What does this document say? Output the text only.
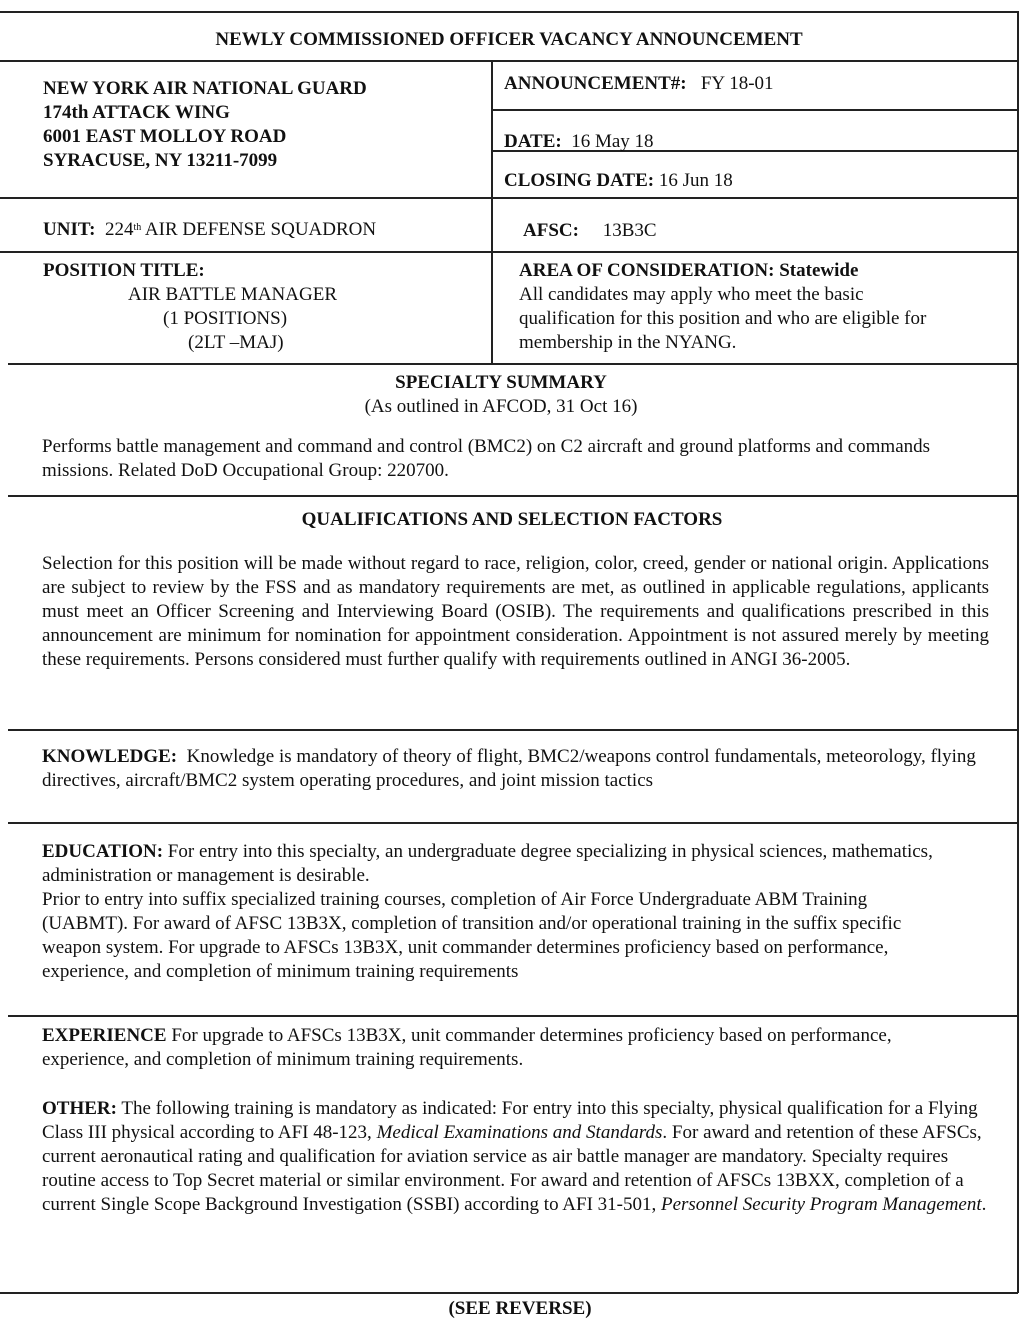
NEWLY COMMISSIONED OFFICER VACANCY ANNOUNCEMENT
NEW YORK AIR NATIONAL GUARD
174th ATTACK WING
6001 EAST MOLLOY ROAD
SYRACUSE, NY 13211-7099
ANNOUNCEMENT#: FY 18-01
DATE: 16 May 18
CLOSING DATE: 16 Jun 18
UNIT: 224th AIR DEFENSE SQUADRON	AFSC: 13B3C
POSITION TITLE:
AIR BATTLE MANAGER
(1 POSITIONS)
(2LT –MAJ)
AREA OF CONSIDERATION: Statewide
All candidates may apply who meet the basic
qualification for this position and who are eligible for
membership in the NYANG.
SPECIALTY SUMMARY
(As outlined in AFCOD, 31 Oct 16)

Performs battle management and command and control (BMC2) on C2 aircraft and ground platforms and commands missions. Related DoD Occupational Group: 220700.

QUALIFICATIONS AND SELECTION FACTORS

Selection for this position will be made without regard to race, religion, color, creed, gender or national origin. Applications are subject to review by the FSS and as mandatory requirements are met, as outlined in applicable regulations, applicants must meet an Officer Screening and Interviewing Board (OSIB). The requirements and qualifications prescribed in this announcement are minimum for nomination for appointment consideration. Appointment is not assured merely by meeting these requirements. Persons considered must further qualify with requirements outlined in ANGI 36-2005.

KNOWLEDGE: Knowledge is mandatory of theory of flight, BMC2/weapons control fundamentals, meteorology, flying directives, aircraft/BMC2 system operating procedures, and joint mission tactics

EDUCATION: For entry into this specialty, an undergraduate degree specializing in physical sciences, mathematics, administration or management is desirable.

Prior to entry into suffix specialized training courses, completion of Air Force Undergraduate ABM Training (UABMT). For award of AFSC 13B3X, completion of transition and/or operational training in the suffix specific weapon system. For upgrade to AFSCs 13B3X, unit commander determines proficiency based on performance, experience, and completion of minimum training requirements

EXPERIENCE For upgrade to AFSCs 13B3X, unit commander determines proficiency based on performance, experience, and completion of minimum training requirements.

OTHER: The following training is mandatory as indicated: For entry into this specialty, physical qualification for a Flying Class III physical according to AFI 48-123, Medical Examinations and Standards. For award and retention of these AFSCs, current aeronautical rating and qualification for aviation service as air battle manager are mandatory. Specialty requires routine access to Top Secret material or similar environment. For award and retention of AFSCs 13BXX, completion of a current Single Scope Background Investigation (SSBI) according to AFI 31-501, Personnel Security Program Management.

(SEE REVERSE)
